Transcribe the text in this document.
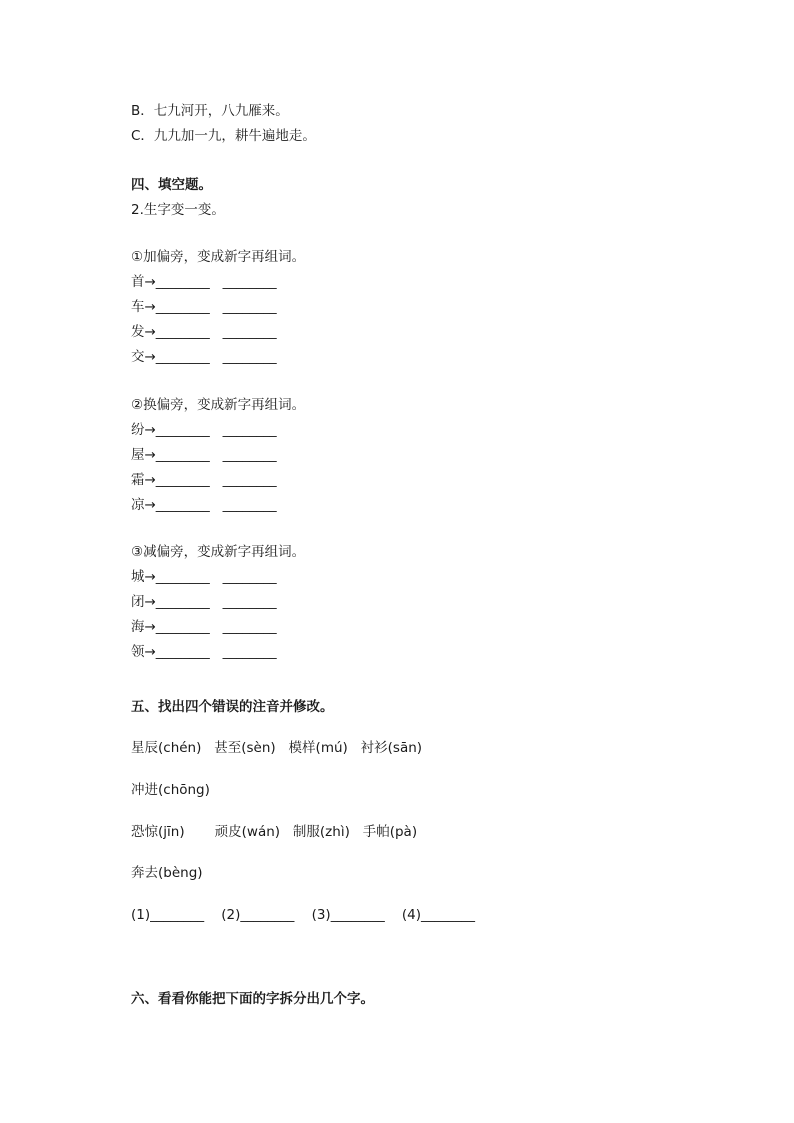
B．七九河开，八九雁来。
C．九九加一九，耕牛遍地走。
四、填空题。
2.生字变一变。
①加偏旁，变成新字再组词。
首→________   ________
车→________   ________
发→________   ________
交→________   ________
②换偏旁，变成新字再组词。
纷→________   ________
屋→________   ________
霜→________   ________
凉→________   ________
③减偏旁，变成新字再组词。
城→________   ________
闭→________   ________
海→________   ________
领→________   ________
五、找出四个错误的注音并修改。
星辰(chén)   甚至(sèn)   模样(mú)   衬衫(sān)
冲进(chōng)
恐惊(jīn)       顽皮(wán)   制服(zhì)   手帕(pà)
奔去(bèng)
(1)________    (2)________    (3)________    (4)________
六、看看你能把下面的字拆分出几个字。
